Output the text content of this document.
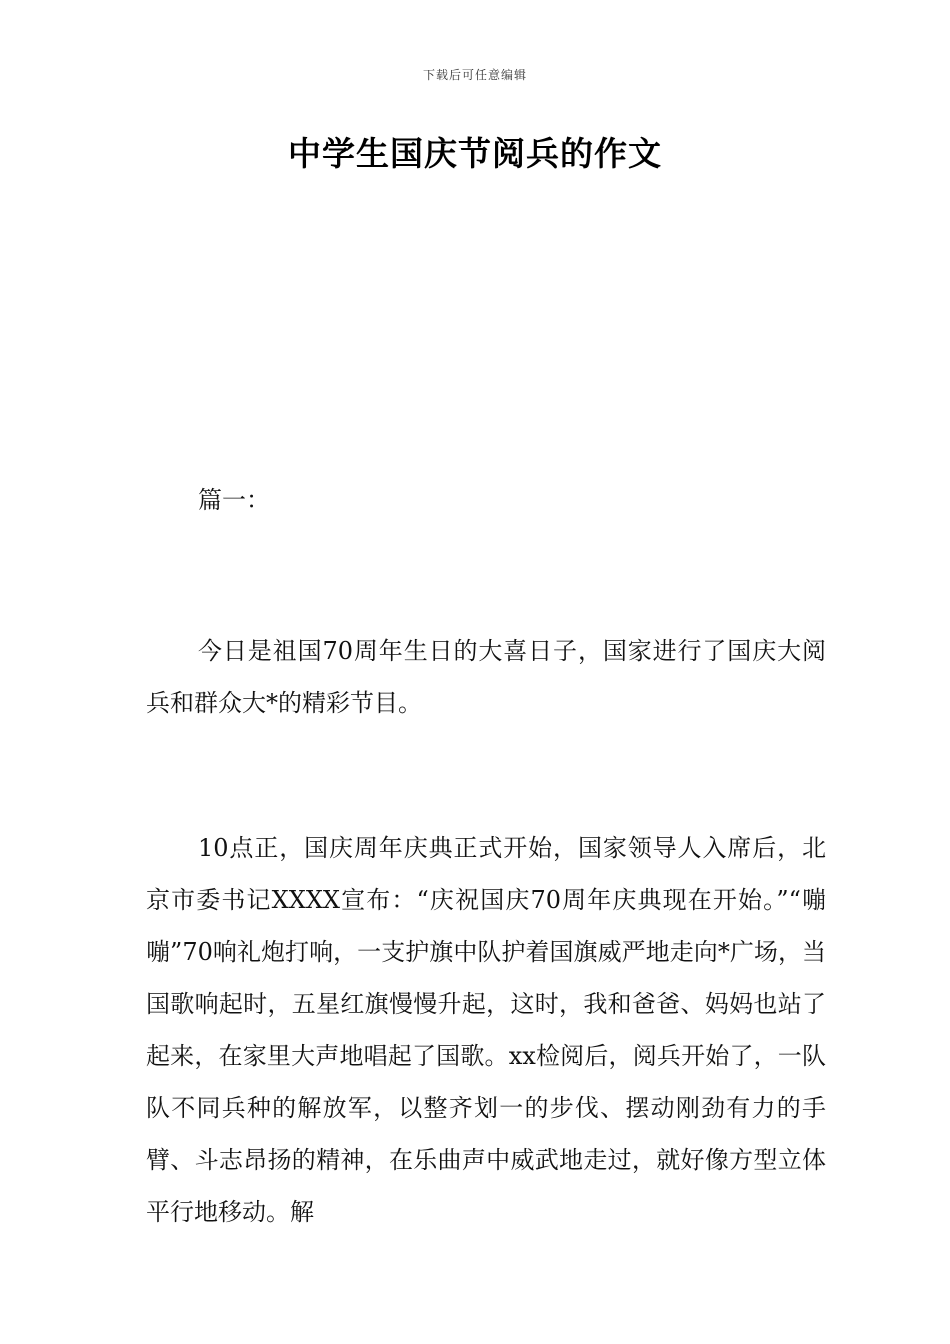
下载后可任意编辑
中学生国庆节阅兵的作文

篇一：

今日是祖国70周年生日的大喜日子，国家进行了国庆大阅兵和群众大*的精彩节目。

10点正，国庆周年庆典正式开始，国家领导人入席后，北京市委书记XXXX宣布：“庆祝国庆70周年庆典现在开始。”“嘣嘣”70响礼炮打响，一支护旗中队护着国旗威严地走向*广场，当国歌响起时，五星红旗慢慢升起，这时，我和爸爸、妈妈也站了起来，在家里大声地唱起了国歌。xx检阅后，阅兵开始了，一队队不同兵种的解放军，以整齐划一的步伐、摆动刚劲有力的手臂、斗志昂扬的精神，在乐曲声中威武地走过，就好像方型立体平行地移动。解
